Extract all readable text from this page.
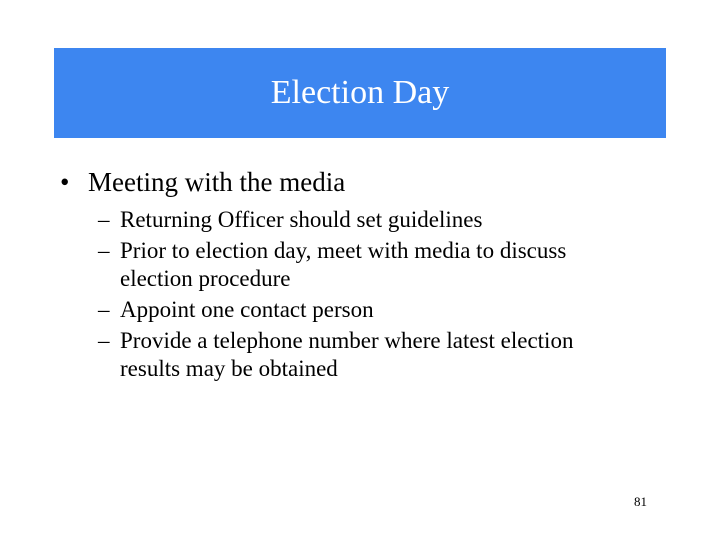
Election Day
• Meeting with the media
– Returning Officer should set guidelines
– Prior to election day, meet with media to discuss election procedure
– Appoint one contact person
– Provide a telephone number where latest election results may be obtained
81
